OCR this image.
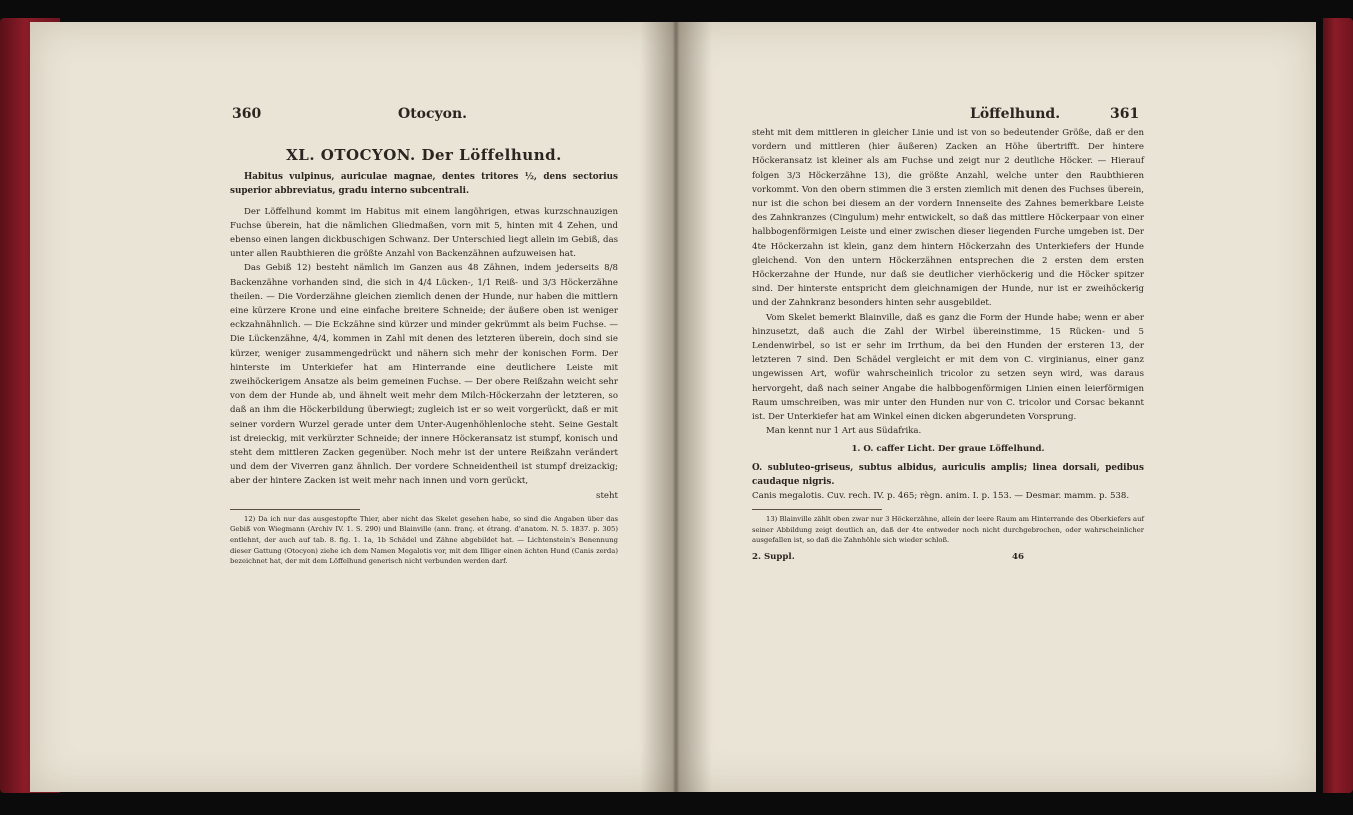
360	Otocyon.	Löffelhund.	361
XL. OTOCYON. Der Löffelhund.

Habitus vulpinus, auriculae magnae, dentes tritores ½, dens sectorius superior abbreviatus, gradu interno subcentrali.

Der Löffelhund kommt im Habitus mit einem langöhrigen, etwas kurzschnauzigen Fuchse überein, hat die nämlichen Gliedmaßen, vorn mit 5, hinten mit 4 Zehen, und ebenso einen langen dickbuschigen Schwanz. Der Unterschied liegt allein im Gebiß, das unter allen Raubthieren die größte Anzahl von Backenzähnen aufzuweisen hat.

Das Gebiß 12) besteht nämlich im Ganzen aus 48 Zähnen, indem jederseits 8/8 Backenzähne vorhanden sind, die sich in 4/4 Lücken-, 1/1 Reiß- und 3/3 Höckerzähne theilen. — Die Vorderzähne gleichen ziemlich denen der Hunde, nur haben die mittlern eine kürzere Krone und eine einfache breitere Schneide; der äußere oben ist weniger eckzahnähnlich. — Die Eckzähne sind kürzer und minder gekrümmt als beim Fuchse. — Die Lückenzähne, 4/4, kommen in Zahl mit denen des letzteren überein, doch sind sie kürzer, weniger zusammengedrückt und nähern sich mehr der konischen Form. Der hinterste im Unterkiefer hat am Hinterrande eine deutlichere Leiste mit zweihöckerigem Ansatze als beim gemeinen Fuchse. — Der obere Reißzahn weicht sehr von dem der Hunde ab, und ähnelt weit mehr dem Milch-Höckerzahn der letzteren, so daß an ihm die Höckerbildung überwiegt; zugleich ist er so weit vorgerückt, daß er mit seiner vordern Wurzel gerade unter dem Unter-Augenhöhlenloche steht. Seine Gestalt ist dreieckig, mit verkürzter Schneide; der innere Höckeransatz ist stumpf, konisch und steht dem mittleren Zacken gegenüber. Noch mehr ist der untere Reißzahn verändert und dem der Viverren ganz ähnlich. Der vordere Schneidentheil ist stumpf dreizackig; aber der hintere Zacken ist weit mehr nach innen und vorn gerückt,

steht

12) Da ich nur das ausgestopfte Thier, aber nicht das Skelet gesehen habe, so sind die Angaben über das Gebiß von Wiegmann (Archiv IV. 1. S. 290) und Blainville (ann. franç. et étrang. d'anatom. N. 5. 1837. p. 305) entlehnt, der auch auf tab. 8. fig. 1. 1a, 1b Schädel und Zähne abgebildet hat. — Lichtenstein's Benennung dieser Gattung (Otocyon) ziehe ich dem Namen Megalotis vor, mit dem Illiger einen ächten Hund (Canis zerda) bezeichnet hat, der mit dem Löffelhund generisch nicht verbunden werden darf.

steht mit dem mittleren in gleicher Linie und ist von so bedeutender Größe, daß er den vordern und mittleren (hier äußeren) Zacken an Höhe übertrifft. Der hintere Höckeransatz ist kleiner als am Fuchse und zeigt nur 2 deutliche Höcker. — Hierauf folgen 3/3 Höckerzähne 13), die größte Anzahl, welche unter den Raubthieren vorkommt. Von den obern stimmen die 3 ersten ziemlich mit denen des Fuchses überein, nur ist die schon bei diesem an der vordern Innenseite des Zahnes bemerkbare Leiste des Zahnkranzes (Cingulum) mehr entwickelt, so daß das mittlere Höckerpaar von einer halbbogenförmigen Leiste und einer zwischen dieser liegenden Furche umgeben ist. Der 4te Höckerzahn ist klein, ganz dem hintern Höckerzahn des Unterkiefers der Hunde gleichend. Von den untern Höckerzähnen entsprechen die 2 ersten dem ersten Höckerzahne der Hunde, nur daß sie deutlicher vierhöckerig und die Höcker spitzer sind. Der hinterste entspricht dem gleichnamigen der Hunde, nur ist er zweihöckerig und der Zahnkranz besonders hinten sehr ausgebildet.

Vom Skelet bemerkt Blainville, daß es ganz die Form der Hunde habe; wenn er aber hinzusetzt, daß auch die Zahl der Wirbel übereinstimme, 15 Rücken- und 5 Lendenwirbel, so ist er sehr im Irrthum, da bei den Hunden der ersteren 13, der letzteren 7 sind. Den Schädel vergleicht er mit dem von C. virginianus, einer ganz ungewissen Art, wofür wahrscheinlich tricolor zu setzen seyn wird, was daraus hervorgeht, daß nach seiner Angabe die halbbogenförmigen Linien einen leierförmigen Raum umschreiben, was mir unter den Hunden nur von C. tricolor und Corsac bekannt ist. Der Unterkiefer hat am Winkel einen dicken abgerundeten Vorsprung.

Man kennt nur 1 Art aus Südafrika.

1. O. caffer Licht. Der graue Löffelhund.

O. subluteo-griseus, subtus albidus, auriculis amplis; linea dorsali, pedibus caudaque nigris.

Canis megalotis. Cuv. rech. IV. p. 465; règn. anim. I. p. 153. — Desmar. mamm. p. 538.

13) Blainville zählt oben zwar nur 3 Höckerzähne, allein der leere Raum am Hinterrande des Oberkiefers auf seiner Abbildung zeigt deutlich an, daß der 4te entweder noch nicht durchgebrochen, oder wahrscheinlicher ausgefallen ist, so daß die Zahnhöhle sich wieder schloß.

2. Suppl.	46
